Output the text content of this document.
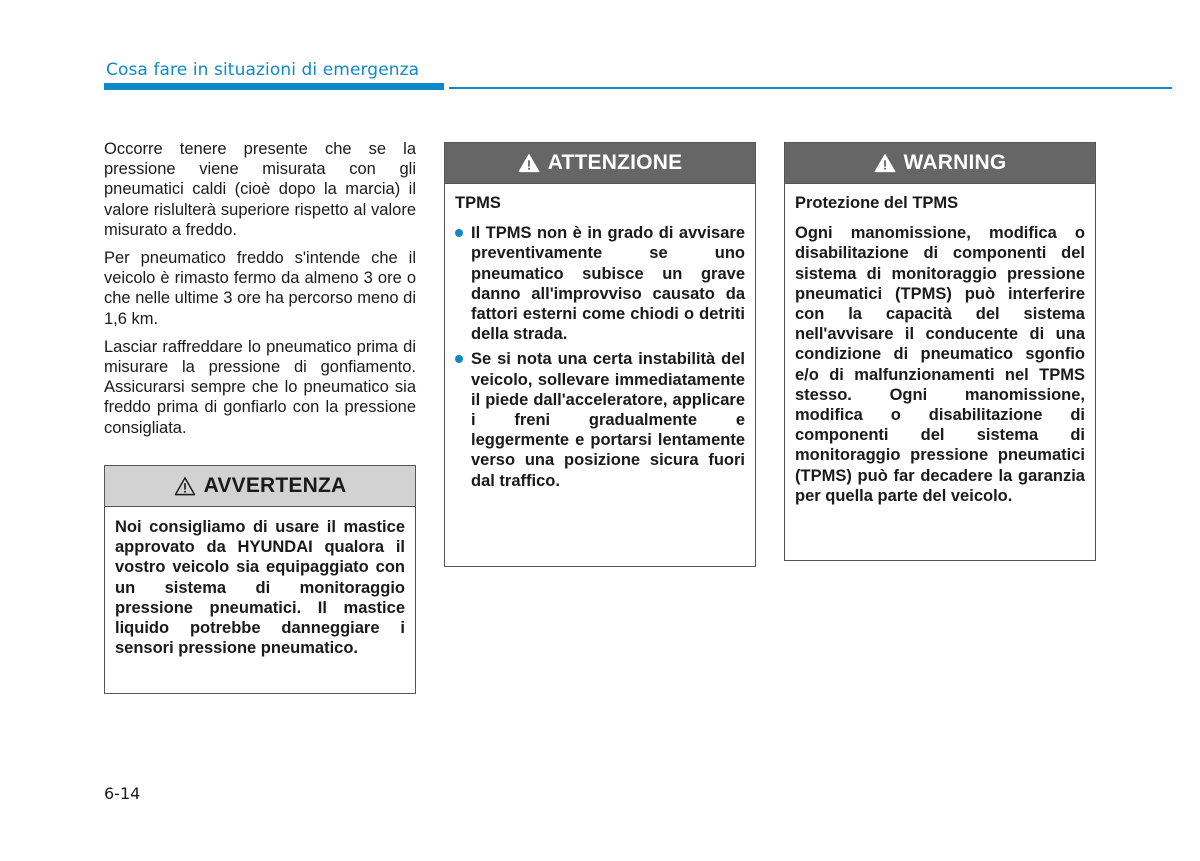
Cosa fare in situazioni di emergenza

Occorre tenere presente che se la pressione viene misurata con gli pneumatici caldi (cioè dopo la marcia) il valore rislulterà superiore rispetto al valore misurato a freddo.

Per pneumatico freddo s'intende che il veicolo è rimasto fermo da almeno 3 ore o che nelle ultime 3 ore ha percorso meno di 1,6 km.

Lasciar raffreddare lo pneumatico prima di misurare la pressione di gonfiamento. Assicurarsi sempre che lo pneumatico sia freddo prima di gonfiarlo con la pressione consigliata.

AVVERTENZA
Noi consigliamo di usare il mastice approvato da HYUNDAI qualora il vostro veicolo sia equipaggiato con un sistema di monitoraggio pressione pneumatici. Il mastice liquido potrebbe danneggiare i sensori pressione pneumatico.
ATTENZIONE

TPMS

Il TPMS non è in grado di avvisare preventivamente se uno pneumatico subisce un grave danno all'improvviso causato da fattori esterni come chiodi o detriti della strada.
Se si nota una certa instabilità del veicolo, sollevare immediatamente il piede dall'acceleratore, applicare i freni gradualmente e leggermente e portarsi lentamente verso una posizione sicura fuori dal traffico.
WARNING

Protezione del TPMS

Ogni manomissione, modifica o disabilitazione di componenti del sistema di monitoraggio pressione pneumatici (TPMS) può interferire con la capacità del sistema nell'avvisare il conducente di una condizione di pneumatico sgonfio e/o di malfunzionamenti nel TPMS stesso. Ogni manomissione, modifica o disabilitazione di componenti del sistema di monitoraggio pressione pneumatici (TPMS) può far decadere la garanzia per quella parte del veicolo.

6-14
